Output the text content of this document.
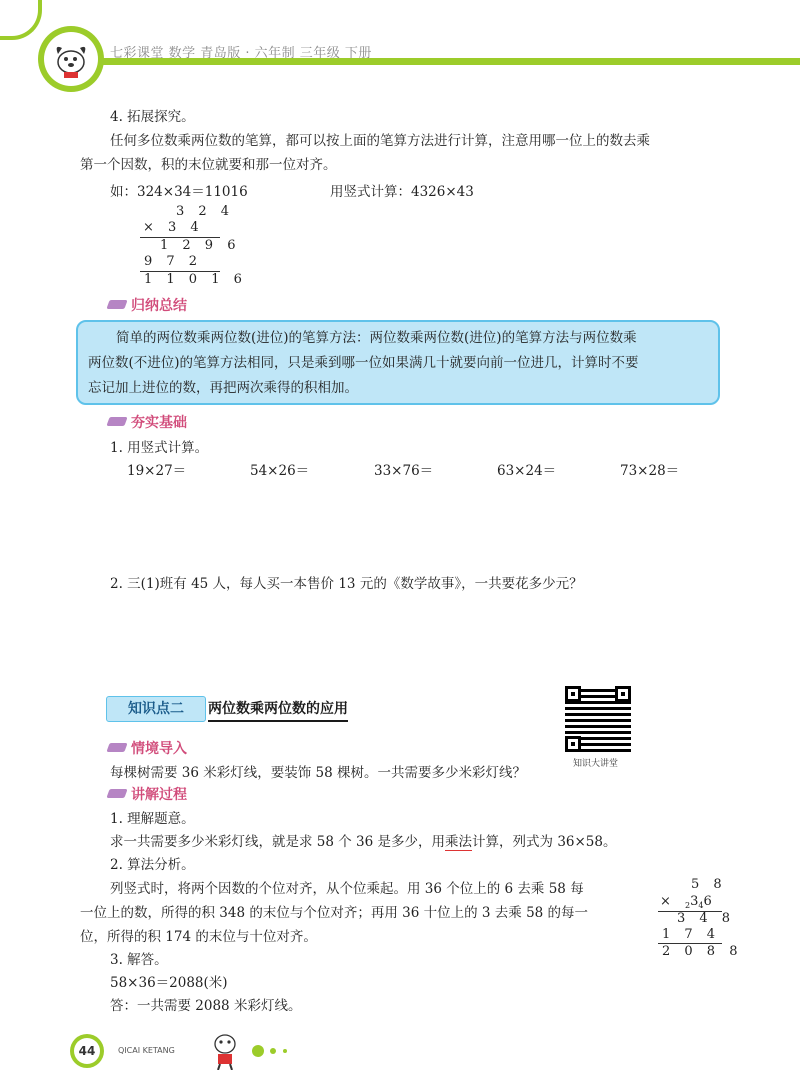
七彩课堂 数学 青岛版 · 六年制 三年级 下册
4. 拓展探究。
任何多位数乘两位数的笔算，都可以按上面的笔算方法进行计算，注意用哪一位上的数去乘
第一个因数，积的末位就要和那一位对齐。
如：324×34＝11016	用竖式计算：4326×43
3 2 4
× 3 4
1 2 9 6
9 7 2
1 1 0 1 6
归纳总结
简单的两位数乘两位数(进位)的笔算方法：两位数乘两位数(进位)的笔算方法与两位数乘
两位数(不进位)的笔算方法相同，只是乘到哪一位如果满几十就要向前一位进几，计算时不要
忘记加上进位的数，再把两次乘得的积相加。
夯实基础
1. 用竖式计算。
19×27＝	54×26＝	33×76＝	63×24＝	73×28＝
2. 三(1)班有 45 人，每人买一本售价 13 元的《数学故事》，一共要花多少元？
知识点二	两位数乘两位数的应用
知识大讲堂
情境导入
每棵树需要 36 米彩灯线，要装饰 58 棵树。一共需要多少米彩灯线？
讲解过程
1. 理解题意。
求一共需要多少米彩灯线，就是求 58 个 36 是多少，用乘法计算，列式为 36×58。
2. 算法分析。
列竖式时，将两个因数的个位对齐，从个位乘起。用 36 个位上的 6 去乘 58 每
一位上的数，所得的积 348 的末位与个位对齐；再用 36 十位上的 3 去乘 58 的每一
位，所得的积 174 的末位与十位对齐。
3. 解答。
58×36＝2088(米)
答：一共需要 2088 米彩灯线。
5 8
× $_23_46$
3 4 8
1 7 4
2 0 8 8
44	QICAI KETANG
